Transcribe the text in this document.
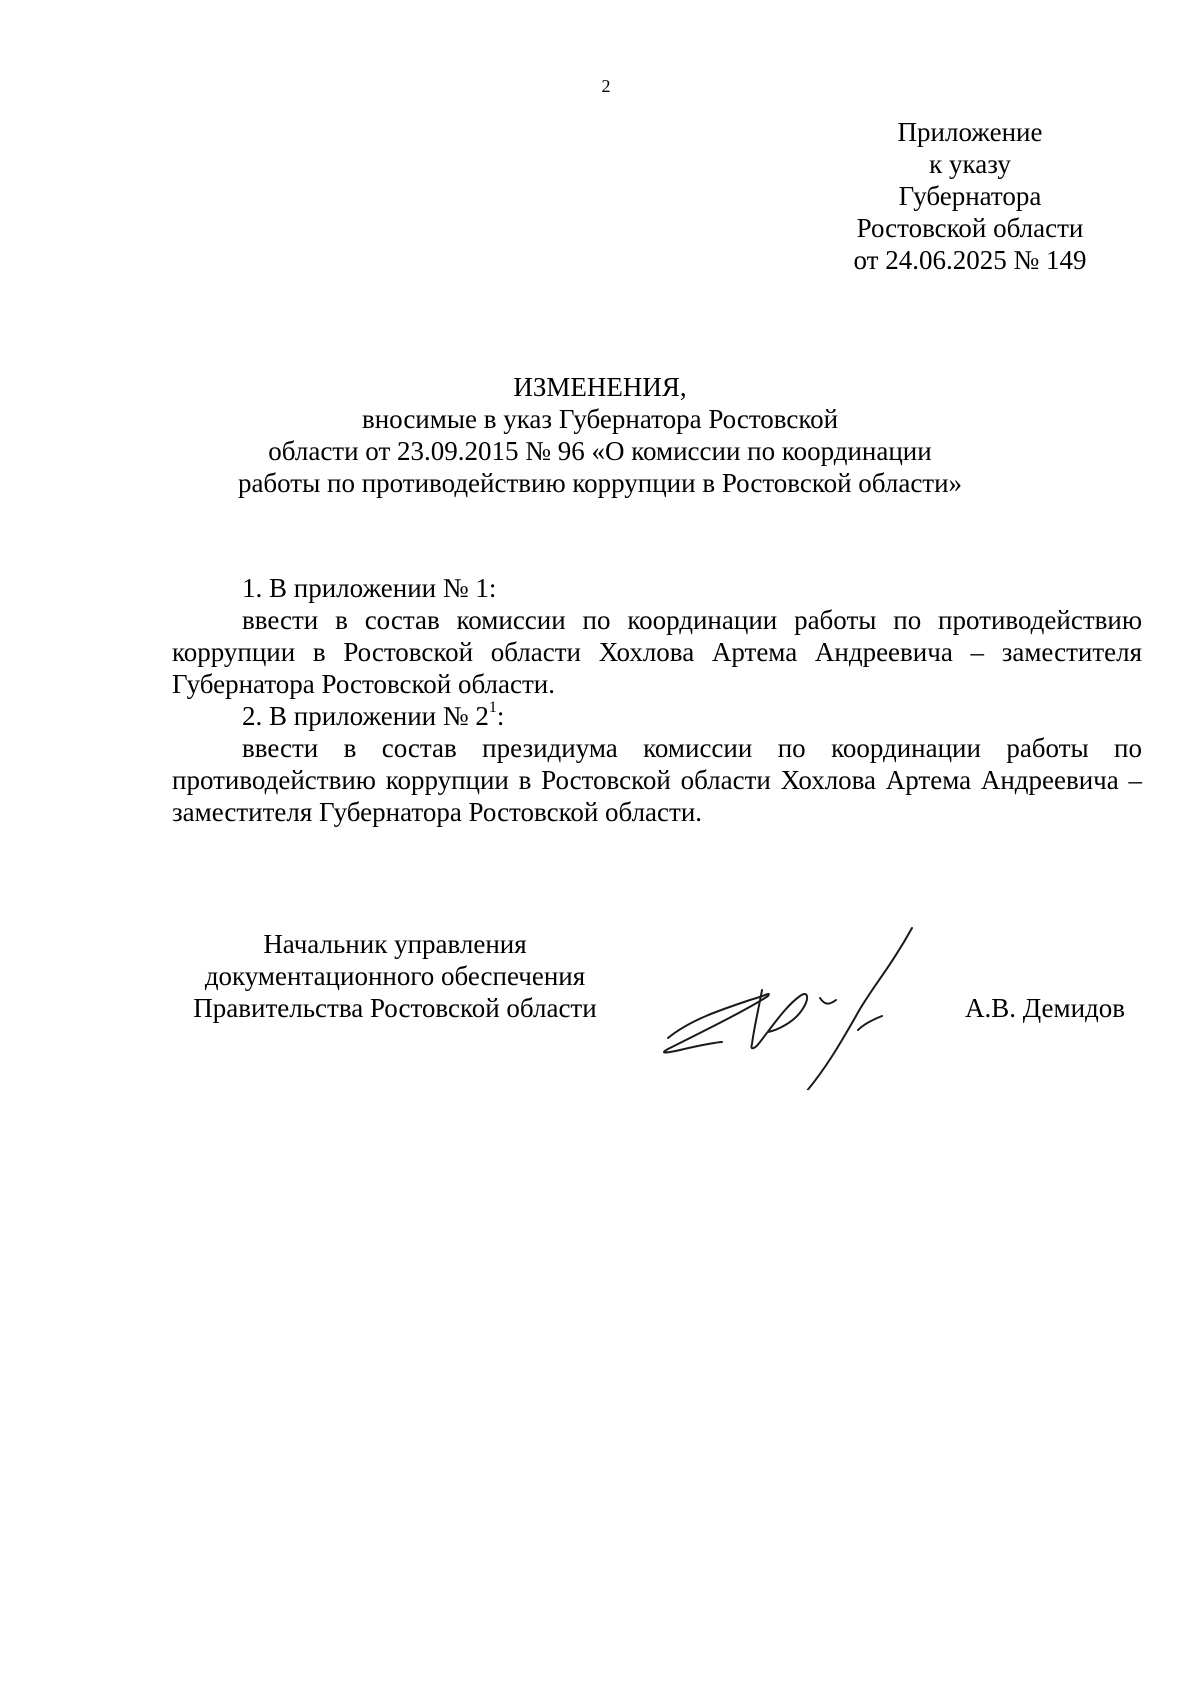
2
Приложение
к указу
Губернатора
Ростовской области
от 24.06.2025 № 149
ИЗМЕНЕНИЯ,
вносимые в указ Губернатора Ростовской
области от 23.09.2015 № 96 «О комиссии по координации
работы по противодействию коррупции в Ростовской области»

1. В приложении № 1:

ввести в состав комиссии по координации работы по противодействию коррупции в Ростовской области Хохлова Артема Андреевича – заместителя Губернатора Ростовской области.

2. В приложении № $2^1$:

ввести в состав президиума комиссии по координации работы по противодействию коррупции в Ростовской области Хохлова Артема Андреевича – заместителя Губернатора Ростовской области.

Начальник управления
документационного обеспечения
Правительства Ростовской области	А.В. Демидов
